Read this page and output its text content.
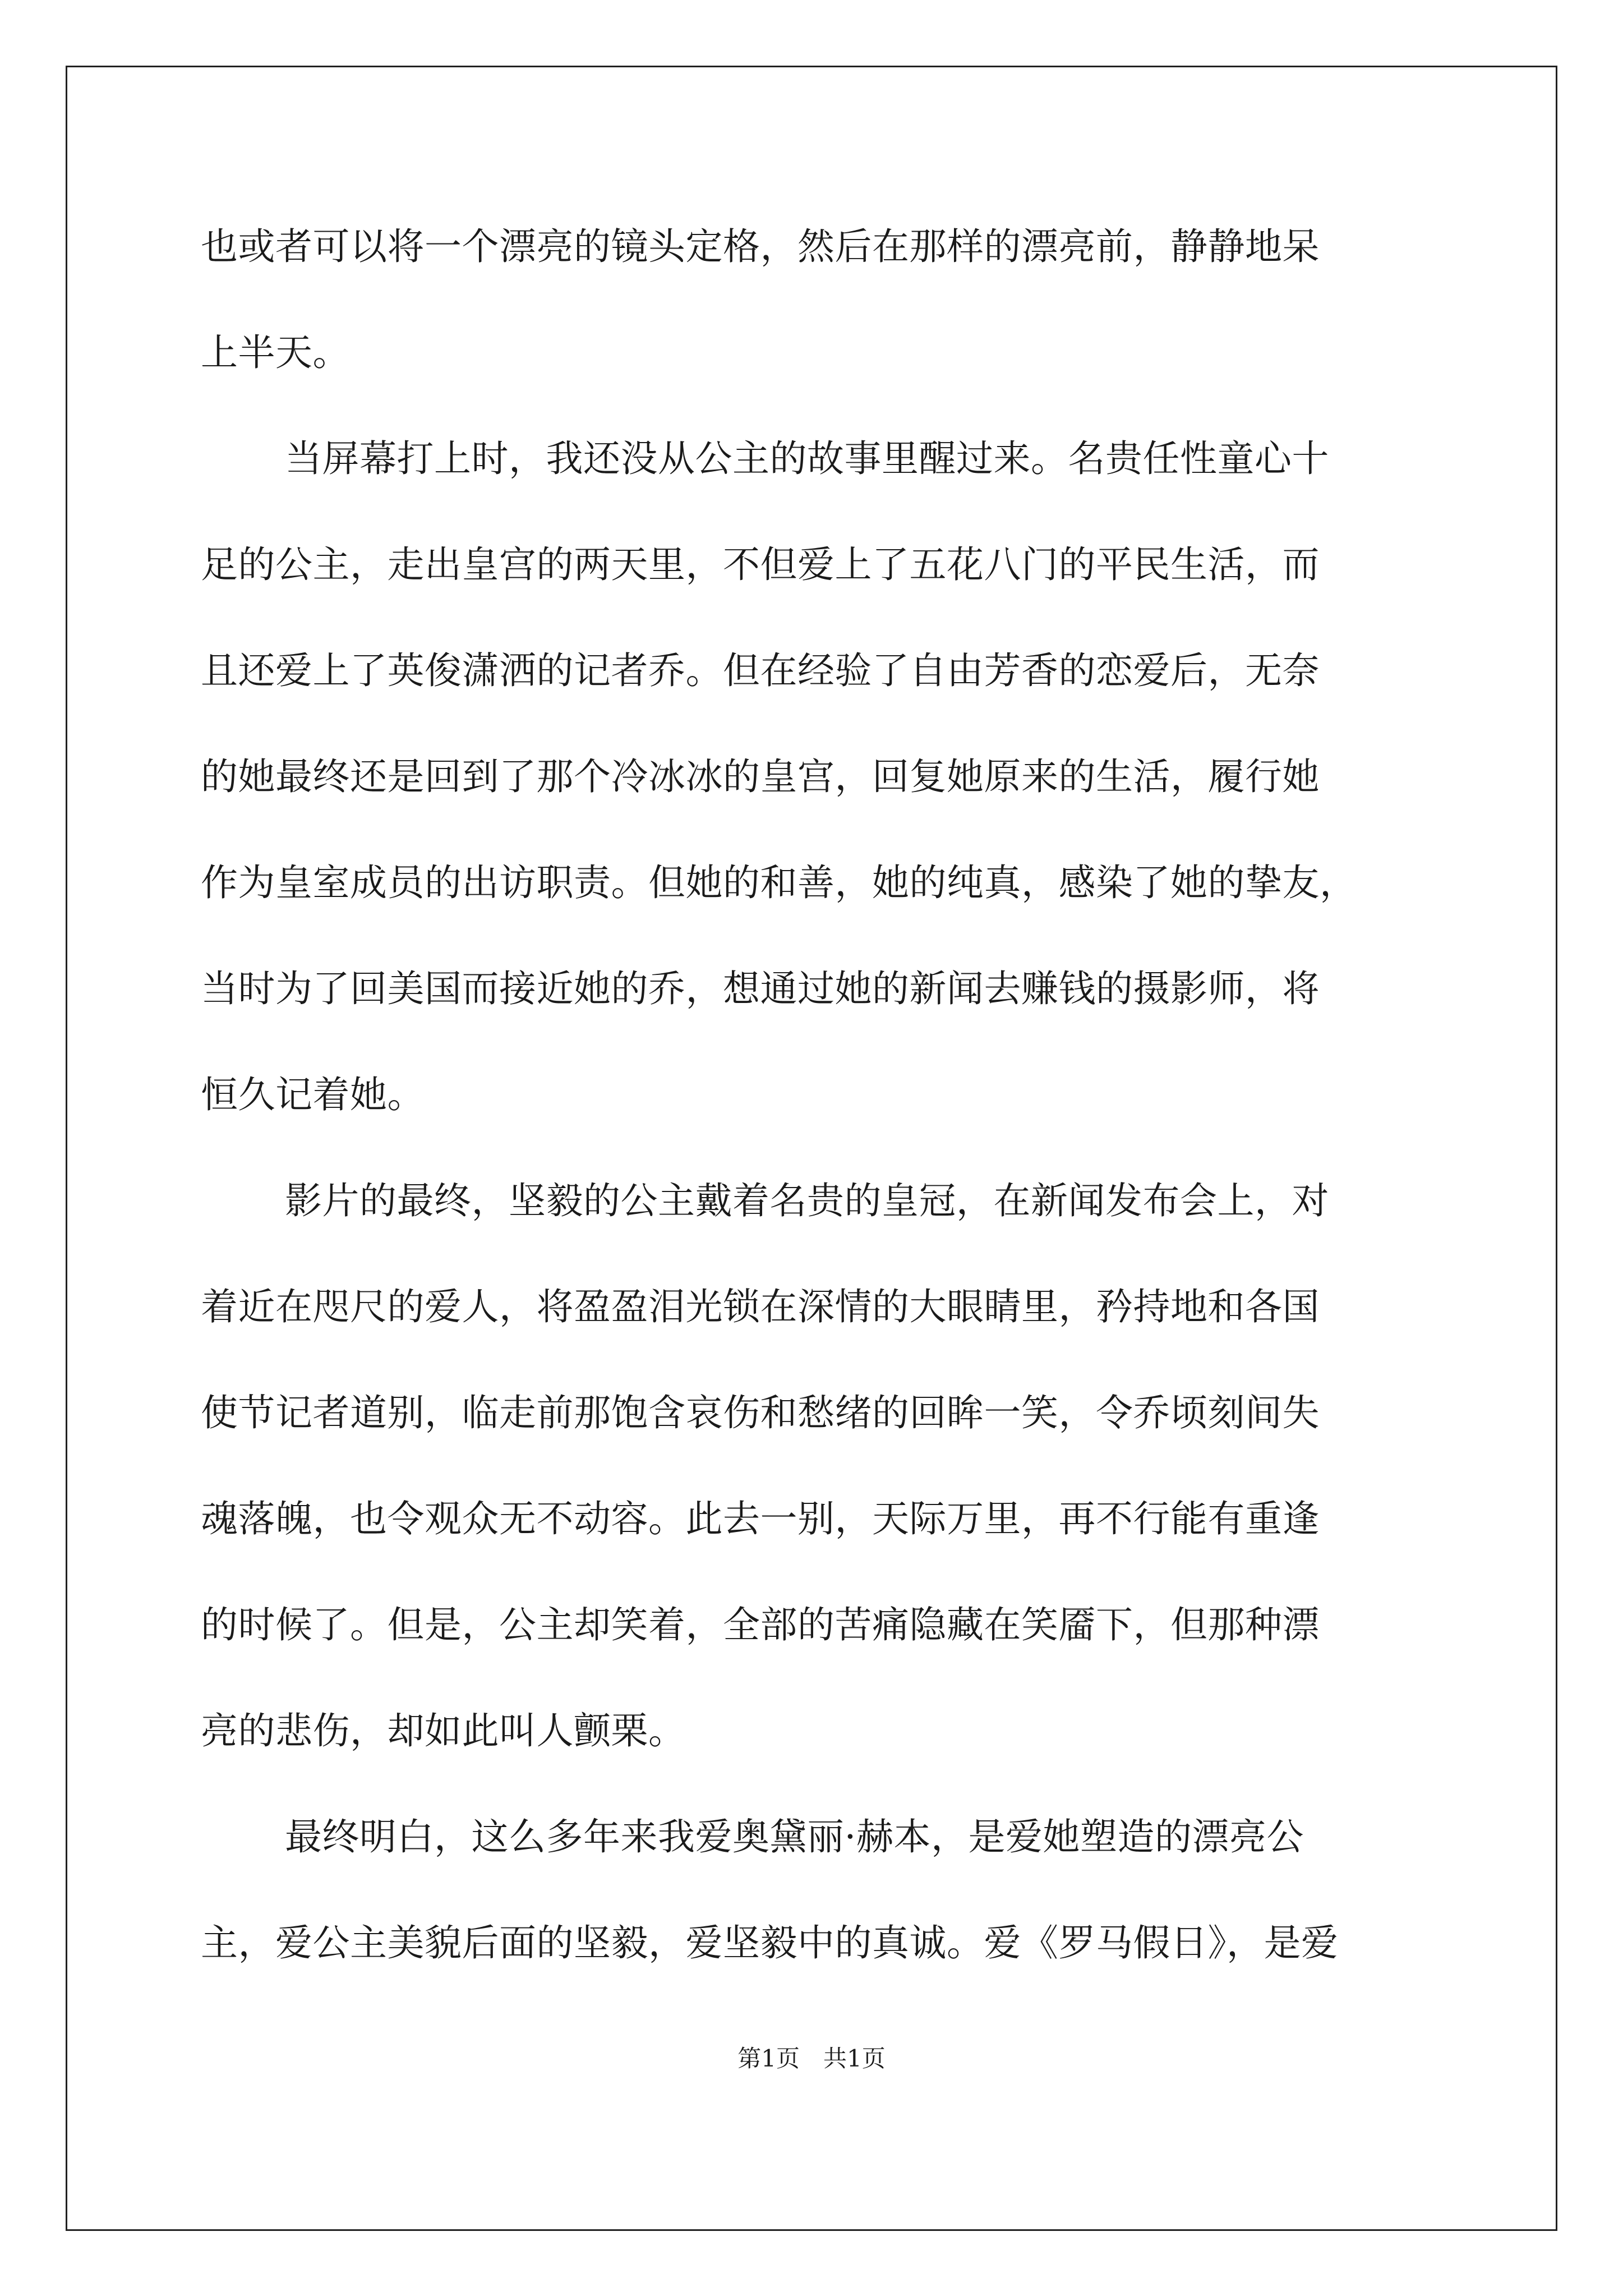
也或者可以将一个漂亮的镜头定格，然后在那样的漂亮前，静静地呆
上半天。
当屏幕打上时，我还没从公主的故事里醒过来。名贵任性童心十
足的公主，走出皇宫的两天里，不但爱上了五花八门的平民生活，而
且还爱上了英俊潇洒的记者乔。但在经验了自由芳香的恋爱后，无奈
的她最终还是回到了那个冷冰冰的皇宫，回复她原来的生活，履行她
作为皇室成员的出访职责。但她的和善，她的纯真，感染了她的挚友，
当时为了回美国而接近她的乔，想通过她的新闻去赚钱的摄影师，将
恒久记着她。
影片的最终，坚毅的公主戴着名贵的皇冠，在新闻发布会上，对
着近在咫尺的爱人，将盈盈泪光锁在深情的大眼睛里，矜持地和各国
使节记者道别，临走前那饱含哀伤和愁绪的回眸一笑，令乔顷刻间失
魂落魄，也令观众无不动容。此去一别，天际万里，再不行能有重逢
的时候了。但是，公主却笑着，全部的苦痛隐藏在笑靥下，但那种漂
亮的悲伤，却如此叫人颤栗。
最终明白，这么多年来我爱奥黛丽·赫本，是爱她塑造的漂亮公
主，爱公主美貌后面的坚毅，爱坚毅中的真诚。爱《罗马假日》，是爱
第1页 共1页
